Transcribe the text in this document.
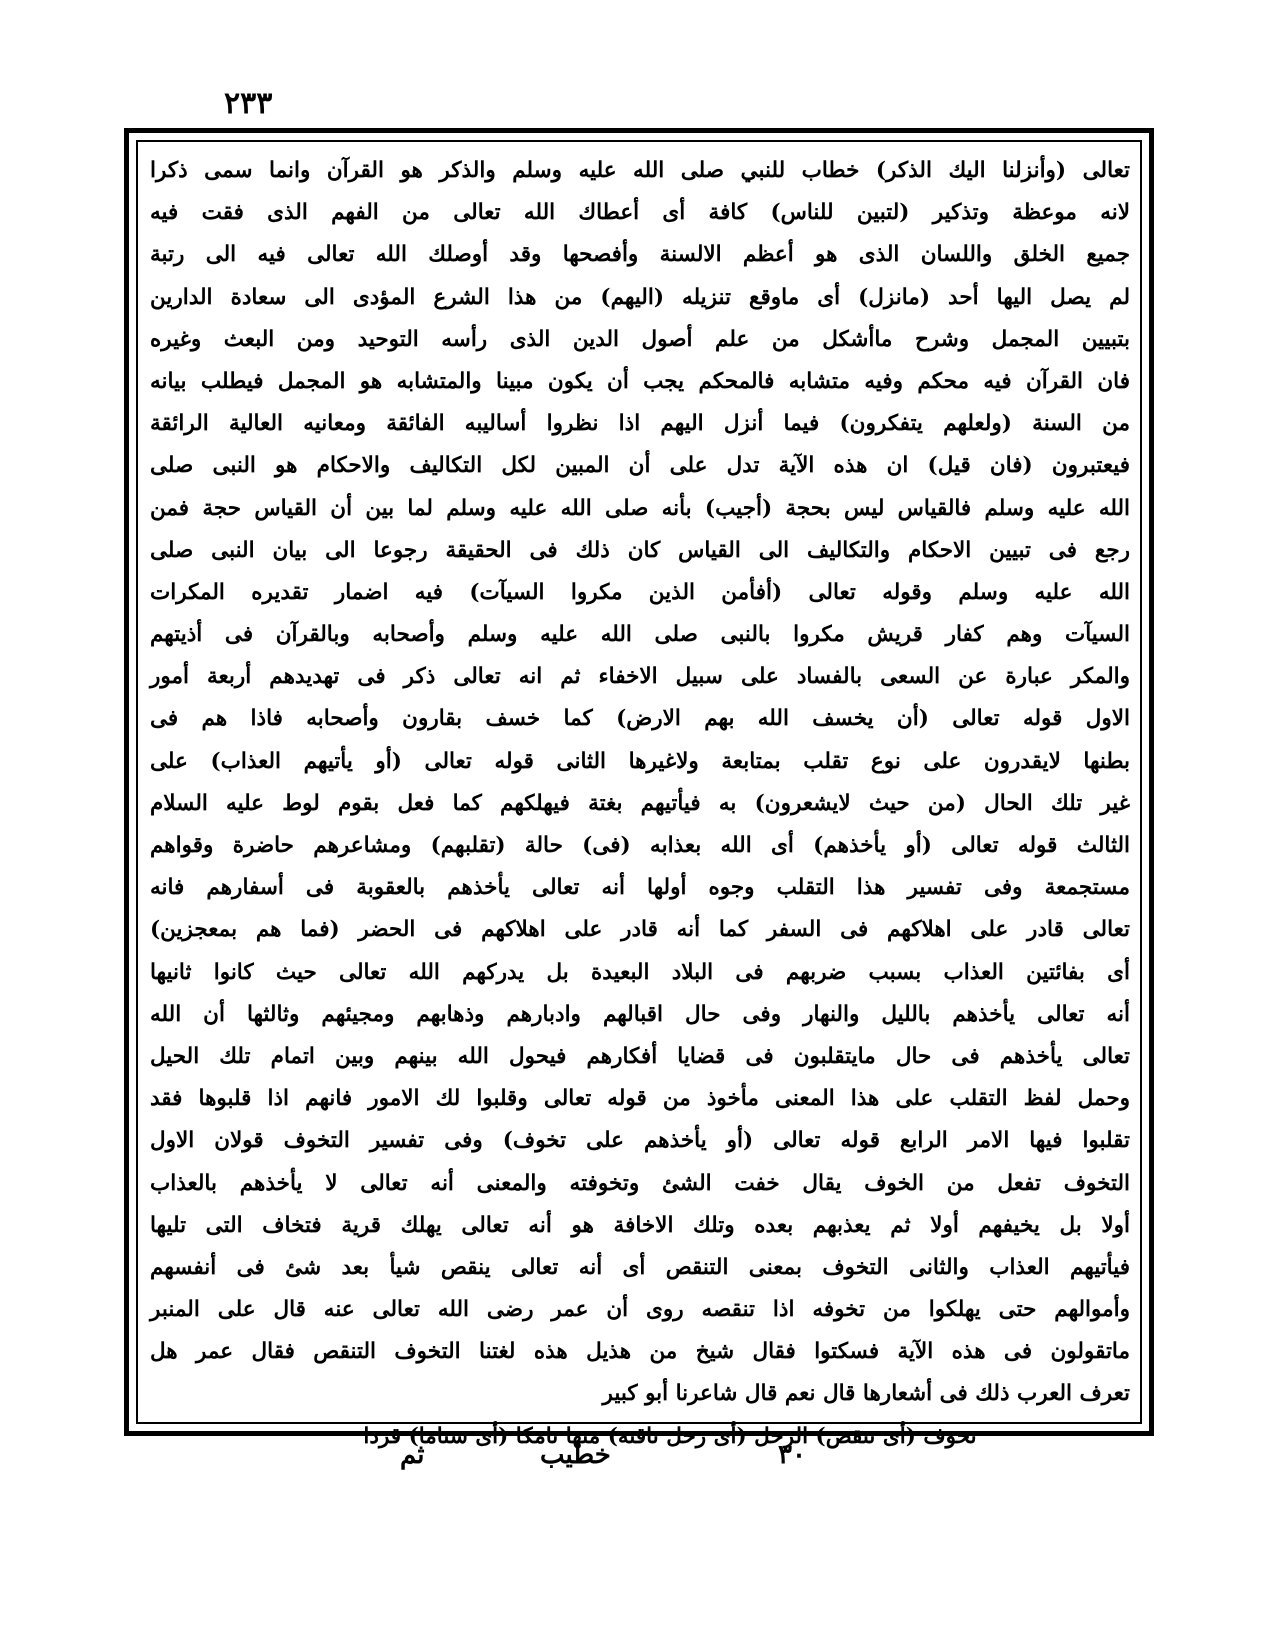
۲۳۳
تعالى (وأنزلنا اليك الذكر) خطاب للنبي صلى الله عليه وسلم والذكر هو القرآن وانما سمى ذكرا
لانه موعظة وتذكير (لتبين للناس) كافة أى أعطاك الله تعالى من الفهم الذى فقت فيه
جميع الخلق واللسان الذى هو أعظم الالسنة وأفصحها وقد أوصلك الله تعالى فيه الى رتبة
لم يصل اليها أحد (مانزل) أى ماوقع تنزيله (اليهم) من هذا الشرع المؤدى الى سعادة الدارين
بتبيين المجمل وشرح ماأشكل من علم أصول الدين الذى رأسه التوحيد ومن البعث وغيره
فان القرآن فيه محكم وفيه متشابه فالمحكم يجب أن يكون مبينا والمتشابه هو المجمل فيطلب بيانه
من السنة (ولعلهم يتفكرون) فيما أنزل اليهم اذا نظروا أساليبه الفائقة ومعانيه العالية الرائقة
فيعتبرون (فان قيل) ان هذه الآية تدل على أن المبين لكل التكاليف والاحكام هو النبى صلى
الله عليه وسلم فالقياس ليس بحجة (أجيب) بأنه صلى الله عليه وسلم لما بين أن القياس حجة فمن
رجع فى تبيين الاحكام والتكاليف الى القياس كان ذلك فى الحقيقة رجوعا الى بيان النبى صلى
الله عليه وسلم وقوله تعالى (أفأمن الذين مكروا السيآت) فيه اضمار تقديره المكرات
السيآت وهم كفار قريش مكروا بالنبى صلى الله عليه وسلم وأصحابه وبالقرآن فى أذيتهم
والمكر عبارة عن السعى بالفساد على سبيل الاخفاء ثم انه تعالى ذكر فى تهديدهم أربعة أمور
الاول قوله تعالى (أن يخسف الله بهم الارض) كما خسف بقارون وأصحابه فاذا هم فى
بطنها لايقدرون على نوع تقلب بمتابعة ولاغيرها الثانى قوله تعالى (أو يأتيهم العذاب) على
غير تلك الحال (من حيث لايشعرون) به فيأتيهم بغتة فيهلكهم كما فعل بقوم لوط عليه السلام
الثالث قوله تعالى (أو يأخذهم) أى الله بعذابه (فى) حالة (تقلبهم) ومشاعرهم حاضرة وقواهم
مستجمعة وفى تفسير هذا التقلب وجوه أولها أنه تعالى يأخذهم بالعقوبة فى أسفارهم فانه
تعالى قادر على اهلاكهم فى السفر كما أنه قادر على اهلاكهم فى الحضر (فما هم بمعجزين)
أى بفائتين العذاب بسبب ضربهم فى البلاد البعيدة بل يدركهم الله تعالى حيث كانوا ثانيها
أنه تعالى يأخذهم بالليل والنهار وفى حال اقبالهم وادبارهم وذهابهم ومجيئهم وثالثها أن الله
تعالى يأخذهم فى حال مايتقلبون فى قضايا أفكارهم فيحول الله بينهم وبين اتمام تلك الحيل
وحمل لفظ التقلب على هذا المعنى مأخوذ من قوله تعالى وقلبوا لك الامور فانهم اذا قلبوها فقد
تقلبوا فيها الامر الرابع قوله تعالى (أو يأخذهم على تخوف) وفى تفسير التخوف قولان الاول
التخوف تفعل من الخوف يقال خفت الشئ وتخوفته والمعنى أنه تعالى لا يأخذهم بالعذاب
أولا بل يخيفهم أولا ثم يعذبهم بعده وتلك الاخافة هو أنه تعالى يهلك قرية فتخاف التى تليها
فيأتيهم العذاب والثانى التخوف بمعنى التنقص أى أنه تعالى ينقص شيأ بعد شئ فى أنفسهم
وأموالهم حتى يهلكوا من تخوفه اذا تنقصه روى أن عمر رضى الله تعالى عنه قال على المنبر
ماتقولون فى هذه الآية فسكتوا فقال شيخ من هذيل هذه لغتنا التخوف التنقص فقال عمر هل
تعرف العرب ذلك فى أشعارها قال نعم قال شاعرنا أبو كبير
تخوف (أى تنقص) الرحل (أى رحل ناقته) منها تامكا (أى سناما) قردا
ثم	خطيب	۳۰
